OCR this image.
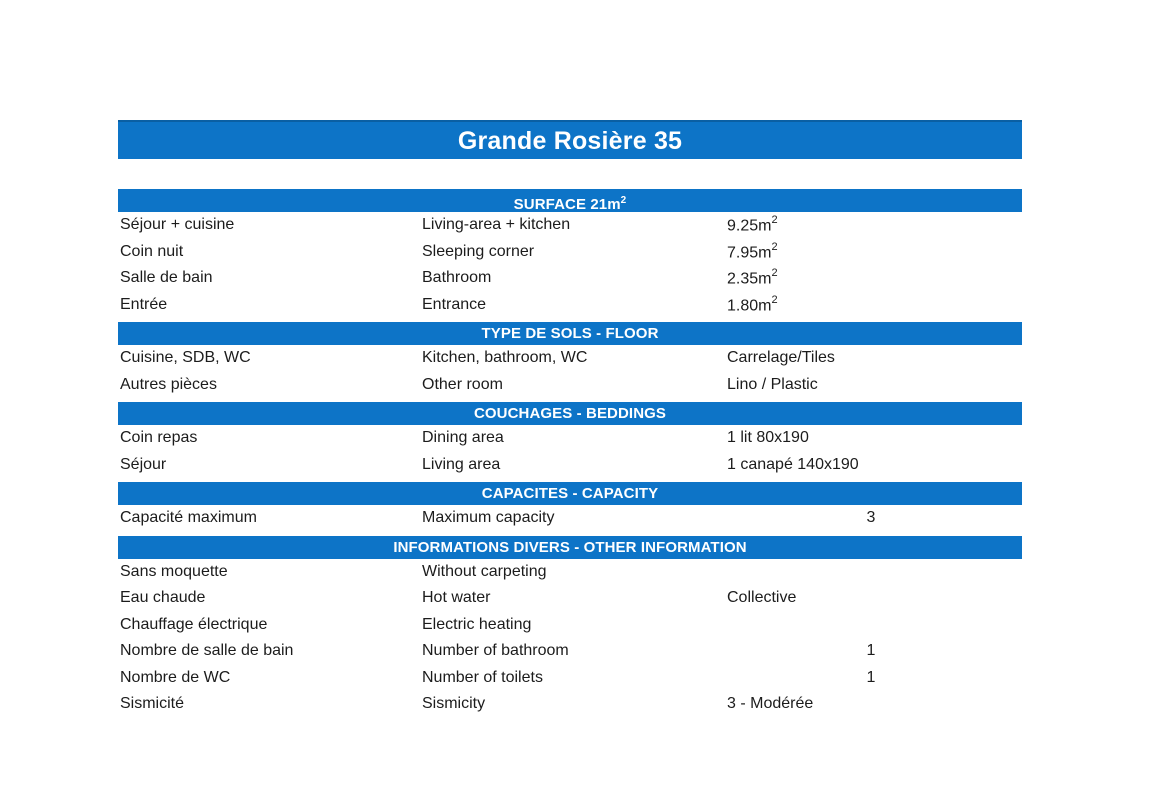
Grande Rosière 35
SURFACE $21m^2$
Séjour + cuisine	Living-area + kitchen	$9.25m^2$
Coin nuit	Sleeping corner	$7.95m^2$
Salle de bain	Bathroom	$2.35m^2$
Entrée	Entrance	$1.80m^2$
TYPE DE SOLS - FLOOR
Cuisine, SDB, WC	Kitchen, bathroom, WC	Carrelage/Tiles
Autres pièces	Other room	Lino / Plastic
COUCHAGES - BEDDINGS
Coin repas	Dining area	1 lit 80x190
Séjour	Living area	1 canapé 140x190
CAPACITES - CAPACITY
Capacité maximum	Maximum capacity	3
INFORMATIONS DIVERS - OTHER INFORMATION
Sans moquette	Without carpeting
Eau chaude	Hot water	Collective
Chauffage électrique	Electric heating
Nombre de salle de bain	Number of bathroom	1
Nombre de WC	Number of toilets	1
Sismicité	Sismicity	3 - Modérée
